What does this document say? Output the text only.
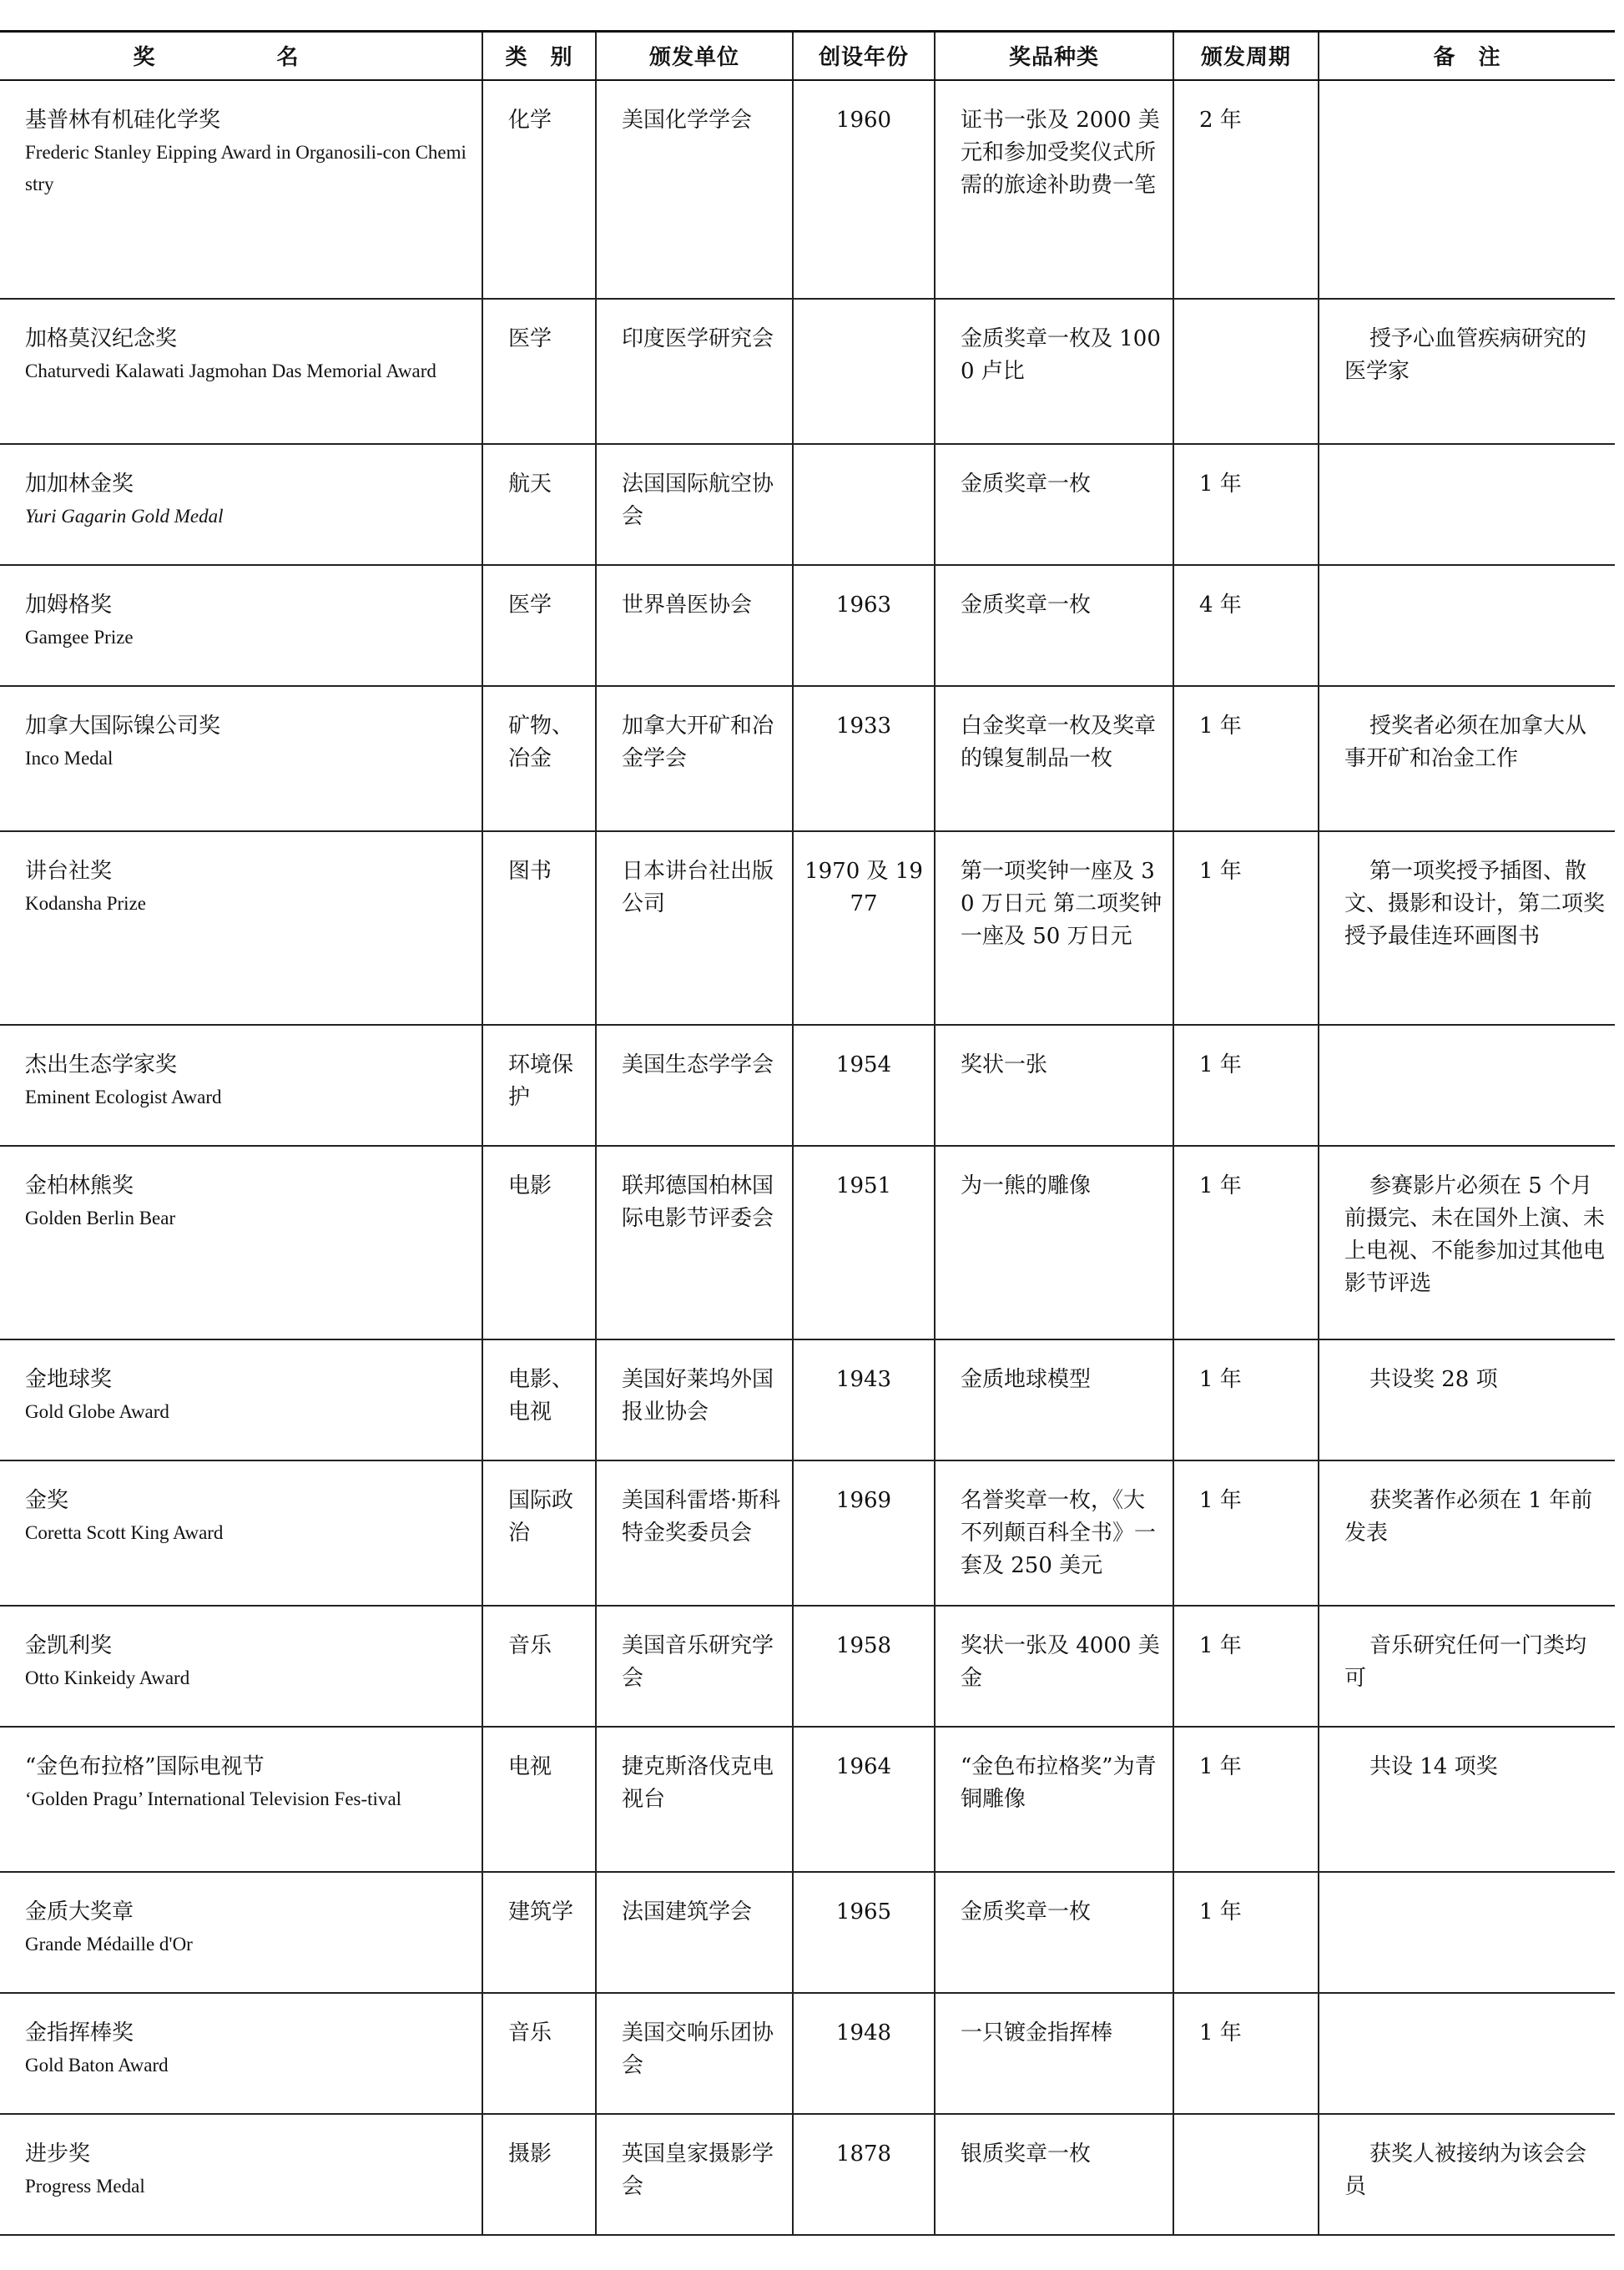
奖　名	类　别	颁发单位	创设年份	奖品种类	颁发周期	备　注

基普林有机硅化学奖
Frederic Stanley Eipping Award in Organosili-con Chemistry	化学	美国化学学会	1960	证书一张及 2000 美元和参加受奖仪式所需的旅途补助费一笔	2 年	

加格莫汉纪念奖
Chaturvedi Kalawati Jagmohan Das Memorial Award	医学	印度医学研究会		金质奖章一枚及 1000 卢比		授予心血管疾病研究的医学家

加加林金奖
Yuri Gagarin Gold Medal	航天	法国国际航空协会		金质奖章一枚	1 年	

加姆格奖
Gamgee Prize	医学	世界兽医协会	1963	金质奖章一枚	4 年	

加拿大国际镍公司奖
Inco Medal	矿物、冶金	加拿大开矿和冶金学会	1933	白金奖章一枚及奖章的镍复制品一枚	1 年	授奖者必须在加拿大从事开矿和冶金工作

讲台社奖
Kodansha Prize	图书	日本讲台社出版公司	1970 及 1977	第一项奖钟一座及 30 万日元 第二项奖钟一座及 50 万日元	1 年	第一项奖授予插图、散文、摄影和设计，第二项奖授予最佳连环画图书

杰出生态学家奖
Eminent Ecologist Award	环境保护	美国生态学学会	1954	奖状一张	1 年	

金柏林熊奖
Golden Berlin Bear	电影	联邦德国柏林国际电影节评委会	1951	为一熊的雕像	1 年	参赛影片必须在 5 个月前摄完、未在国外上演、未上电视、不能参加过其他电影节评选

金地球奖
Gold Globe Award	电影、电视	美国好莱坞外国报业协会	1943	金质地球模型	1 年	共设奖 28 项

金奖
Coretta Scott King Award	国际政治	美国科雷塔·斯科特金奖委员会	1969	名誉奖章一枚，《大不列颠百科全书》一套及 250 美元	1 年	获奖著作必须在 1 年前发表

金凯利奖
Otto Kinkeidy Award	音乐	美国音乐研究学会	1958	奖状一张及 4000 美金	1 年	音乐研究任何一门类均可

“金色布拉格”国际电视节
‘Golden Pragu’ International Television Fes-tival	电视	捷克斯洛伐克电视台	1964	“金色布拉格奖”为青铜雕像	1 年	共设 14 项奖

金质大奖章
Grande Médaille d'Or	建筑学	法国建筑学会	1965	金质奖章一枚	1 年	

金指挥棒奖
Gold Baton Award	音乐	美国交响乐团协会	1948	一只镀金指挥棒	1 年	

进步奖
Progress Medal	摄影	英国皇家摄影学会	1878	银质奖章一枚		获奖人被接纳为该会会员
